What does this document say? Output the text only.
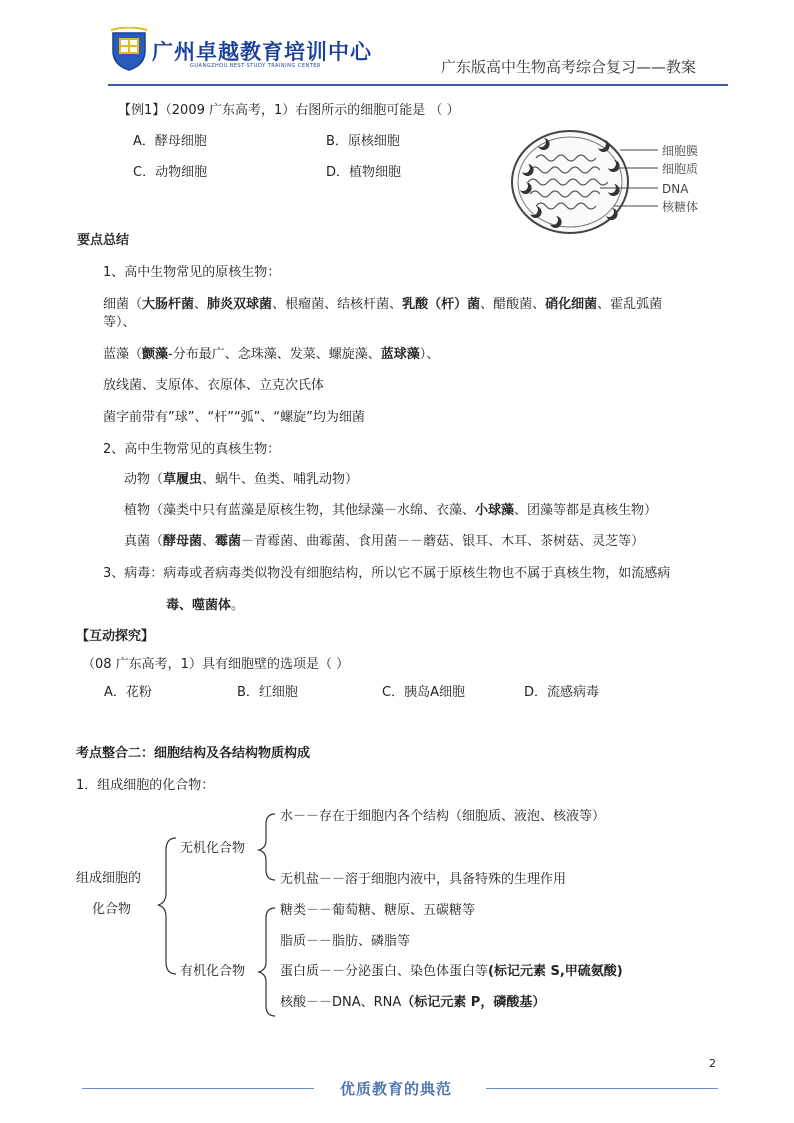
广州卓越教育培训中心
GUANGZHOU BEST-STUDY TRAINING CENTER	广东版高中生物高考综合复习——教案
【例1】（2009 广东高考，1）右图所示的细胞可能是 （ ）
A．酵母细胞	B．原核细胞
C．动物细胞	D．植物细胞
细胞膜
细胞质
DNA
核糖体
要点总结
1、高中生物常见的原核生物：
细菌（大肠杆菌、肺炎双球菌、根瘤菌、结核杆菌、乳酸（杆）菌、醋酸菌、硝化细菌、霍乱弧菌
等）、
蓝藻（颤藻-分布最广、念珠藻、发菜、螺旋藻、蓝球藻）、
放线菌、支原体、衣原体、立克次氏体
菌字前带有”球”、“杆”“弧”、“螺旋”均为细菌
2、高中生物常见的真核生物：
动物（草履虫、蜗牛、鱼类、哺乳动物）
植物（藻类中只有蓝藻是原核生物，其他绿藻－水绵、衣藻、小球藻、团藻等都是真核生物）
真菌（酵母菌、霉菌－青霉菌、曲霉菌、食用菌－－蘑菇、银耳、木耳、茶树菇、灵芝等）
3、病毒：病毒或者病毒类似物没有细胞结构，所以它不属于原核生物也不属于真核生物，如流感病
毒、噬菌体。
【互动探究】
（08 广东高考，1）具有细胞壁的选项是（ ）
A．花粉	B．红细胞	C．胰岛A细胞	D．流感病毒
考点整合二：细胞结构及各结构物质构成
1．组成细胞的化合物：
组成细胞的
化合物
无机化合物
有机化合物
水－－存在于细胞内各个结构（细胞质、液泡、核液等）
无机盐－－溶于细胞内液中，具备特殊的生理作用
糖类－－葡萄糖、糖原、五碳糖等
脂质－－脂肪、磷脂等
蛋白质－－分泌蛋白、染色体蛋白等(标记元素 S,甲硫氨酸)
核酸－－DNA、RNA（标记元素 P，磷酸基）
2
优质教育的典范
